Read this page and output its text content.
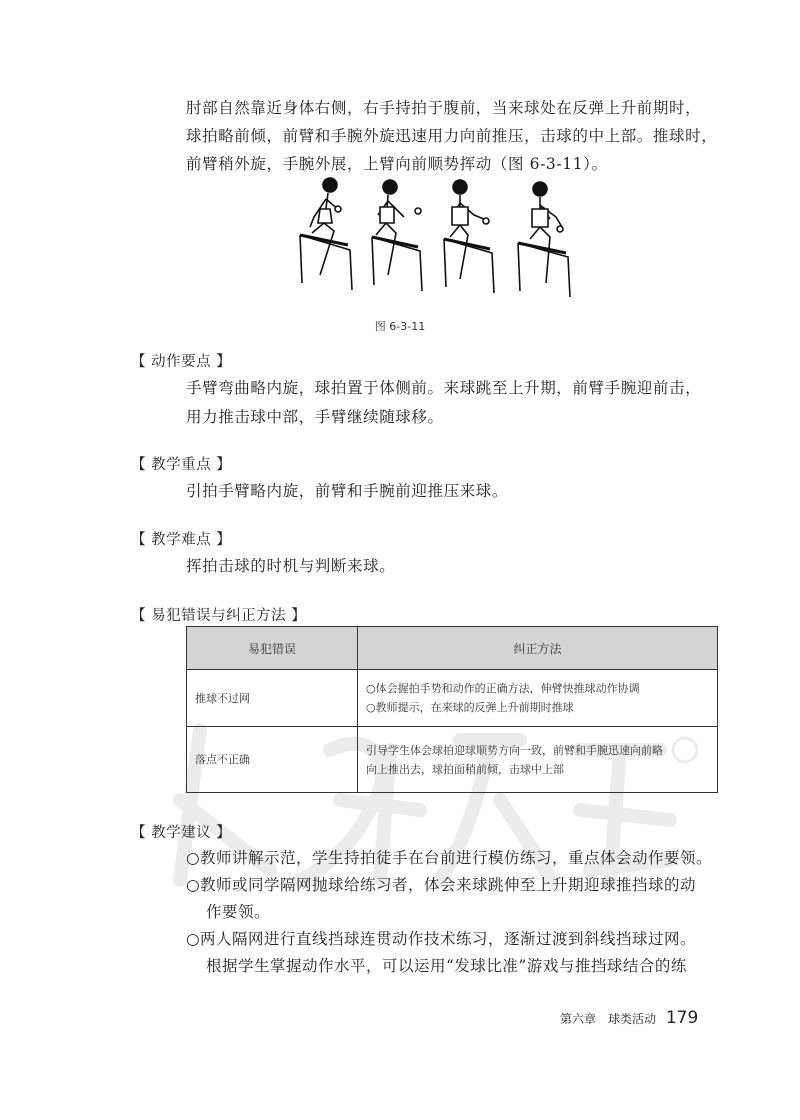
肘部自然靠近身体右侧，右手持拍于腹前，当来球处在反弹上升前期时，
球拍略前倾，前臂和手腕外旋迅速用力向前推压，击球的中上部。推球时，
前臂稍外旋，手腕外展，上臂向前顺势挥动（图 6-3-11）。
图 6-3-11
【 动作要点 】
手臂弯曲略内旋，球拍置于体侧前。来球跳至上升期，前臂手腕迎前击，
用力推击球中部，手臂继续随球移。
【 教学重点 】
引拍手臂略内旋，前臂和手腕前迎推压来球。
【 教学难点 】
挥拍击球的时机与判断来球。
【 易犯错误与纠正方法 】
易犯错误	纠正方法
推球不过网	○体会握拍手势和动作的正确方法，伸臂快推球动作协调
○教师提示，在来球的反弹上升前期时推球

落点不正确	引导学生体会球拍迎球顺势方向一致，前臂和手腕迅速向前略
向上推出去，球拍面稍前倾，击球中上部
【 教学建议 】
○教师讲解示范，学生持拍徒手在台前进行模仿练习，重点体会动作要领。
○教师或同学隔网抛球给练习者，体会来球跳伸至上升期迎球推挡球的动
作要领。
○两人隔网进行直线挡球连贯动作技术练习，逐渐过渡到斜线挡球过网。
根据学生掌握动作水平，可以运用“发球比准”游戏与推挡球结合的练
第六章　球类活动 179
